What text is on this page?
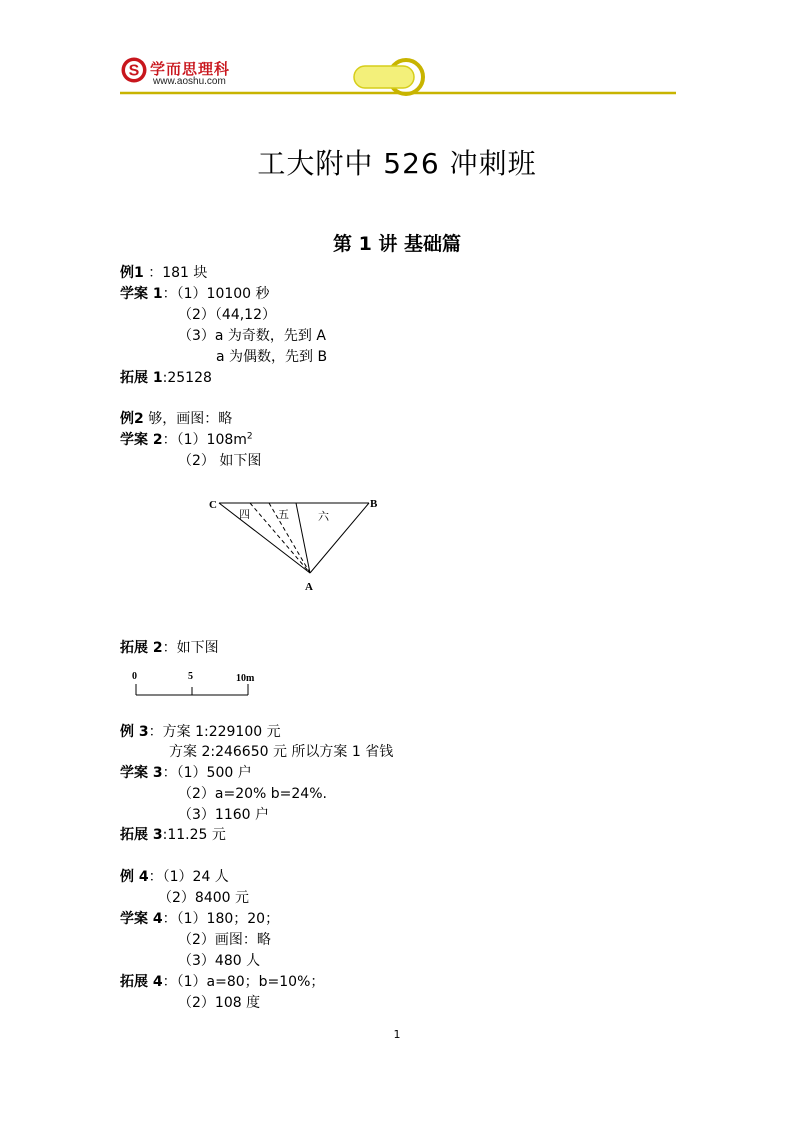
S 学而思理科
www.aoshu.com
工大附中 526 冲刺班
第 1 讲 基础篇
例1 ：181 块
学案 1：（1）10100 秒
（2）（44,12）
（3）a 为奇数，先到 A
a 为偶数，先到 B
拓展 1:25128
例2 够，画图：略
学案 2：$(1)108m^2$
（2） 如下图
C	B
A
四	五	六
拓展 2：如下图
0	5	10m
例 3：方案 1:229100 元
方案 2:246650 元 所以方案 1 省钱
学案 3：（1）500 户
（2）a=20% b=24%.
（3）1160 户
拓展 3:11.25 元
例 4：（1）24 人
（2）8400 元
学案 4：（1）180；20；
（2）画图：略
（3）480 人
拓展 4：（1）a=80；b=10%；
（2）108 度
1
